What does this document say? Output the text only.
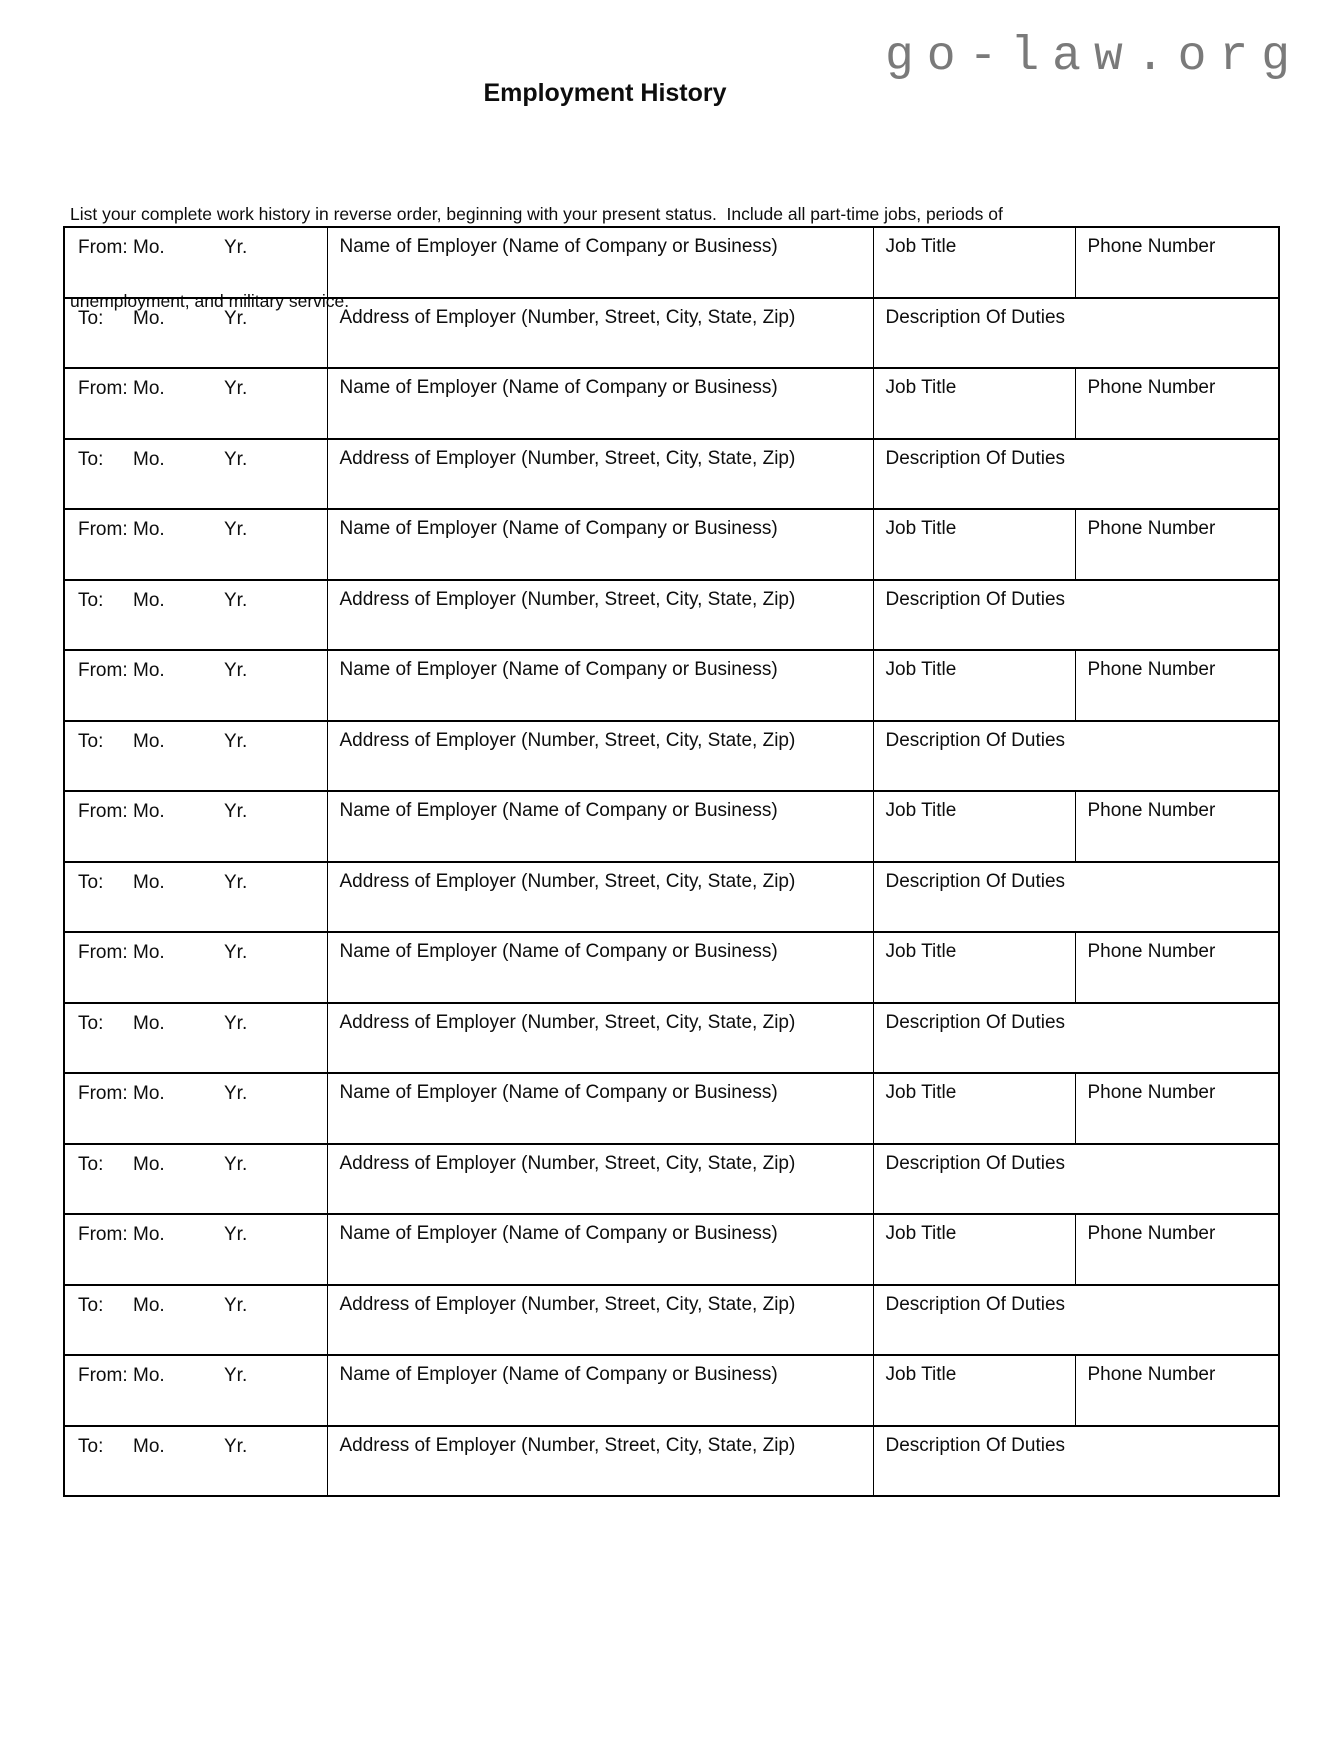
go-law.org
Employment History

List your complete work history in reverse order, beginning with your present status.  Include all part-time jobs, periods of

unemployment, and military service.

From: Mo. Yr.	Name of Employer (Name of Company or Business)	Job Title	Phone Number

To: Mo. Yr.	Address of Employer (Number, Street, City, State, Zip)	Description Of Duties	

From: Mo. Yr.	Name of Employer (Name of Company or Business)	Job Title	Phone Number

To: Mo. Yr.	Address of Employer (Number, Street, City, State, Zip)	Description Of Duties	

From: Mo. Yr.	Name of Employer (Name of Company or Business)	Job Title	Phone Number

To: Mo. Yr.	Address of Employer (Number, Street, City, State, Zip)	Description Of Duties	

From: Mo. Yr.	Name of Employer (Name of Company or Business)	Job Title	Phone Number

To: Mo. Yr.	Address of Employer (Number, Street, City, State, Zip)	Description Of Duties	

From: Mo. Yr.	Name of Employer (Name of Company or Business)	Job Title	Phone Number

To: Mo. Yr.	Address of Employer (Number, Street, City, State, Zip)	Description Of Duties	

From: Mo. Yr.	Name of Employer (Name of Company or Business)	Job Title	Phone Number

To: Mo. Yr.	Address of Employer (Number, Street, City, State, Zip)	Description Of Duties	

From: Mo. Yr.	Name of Employer (Name of Company or Business)	Job Title	Phone Number

To: Mo. Yr.	Address of Employer (Number, Street, City, State, Zip)	Description Of Duties	

From: Mo. Yr.	Name of Employer (Name of Company or Business)	Job Title	Phone Number

To: Mo. Yr.	Address of Employer (Number, Street, City, State, Zip)	Description Of Duties	

From: Mo. Yr.	Name of Employer (Name of Company or Business)	Job Title	Phone Number

To: Mo. Yr.	Address of Employer (Number, Street, City, State, Zip)	Description Of Duties	
